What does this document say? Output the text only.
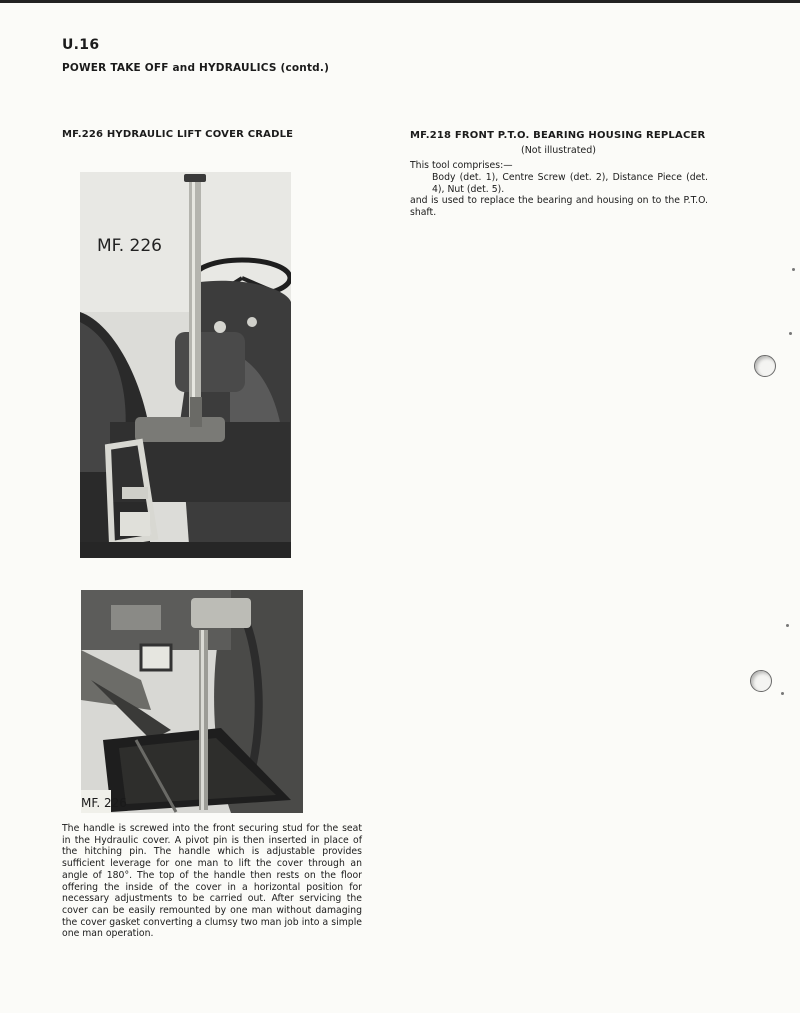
U.16
POWER TAKE OFF and HYDRAULICS (contd.)
MF.226 HYDRAULIC LIFT COVER CRADLE
MF. 226
MF. 226
The handle is screwed into the front securing stud for the seat in the Hydraulic cover. A pivot pin is then inserted in place of the hitching pin. The handle which is adjustable provides sufficient leverage for one man to lift the cover through an angle of 180°. The top of the handle then rests on the floor offering the inside of the cover in a horizontal position for necessary adjustments to be carried out. After servicing the cover can be easily remounted by one man without damaging the cover gasket converting a clumsy two man job into a simple one man operation.
MF.218 FRONT P.T.O. BEARING HOUSING REPLACER
(Not illustrated)

This tool comprises:—

Body (det. 1), Centre Screw (det. 2), Distance Piece (det. 4), Nut (det. 5).

and is used to replace the bearing and housing on to the P.T.O. shaft.
